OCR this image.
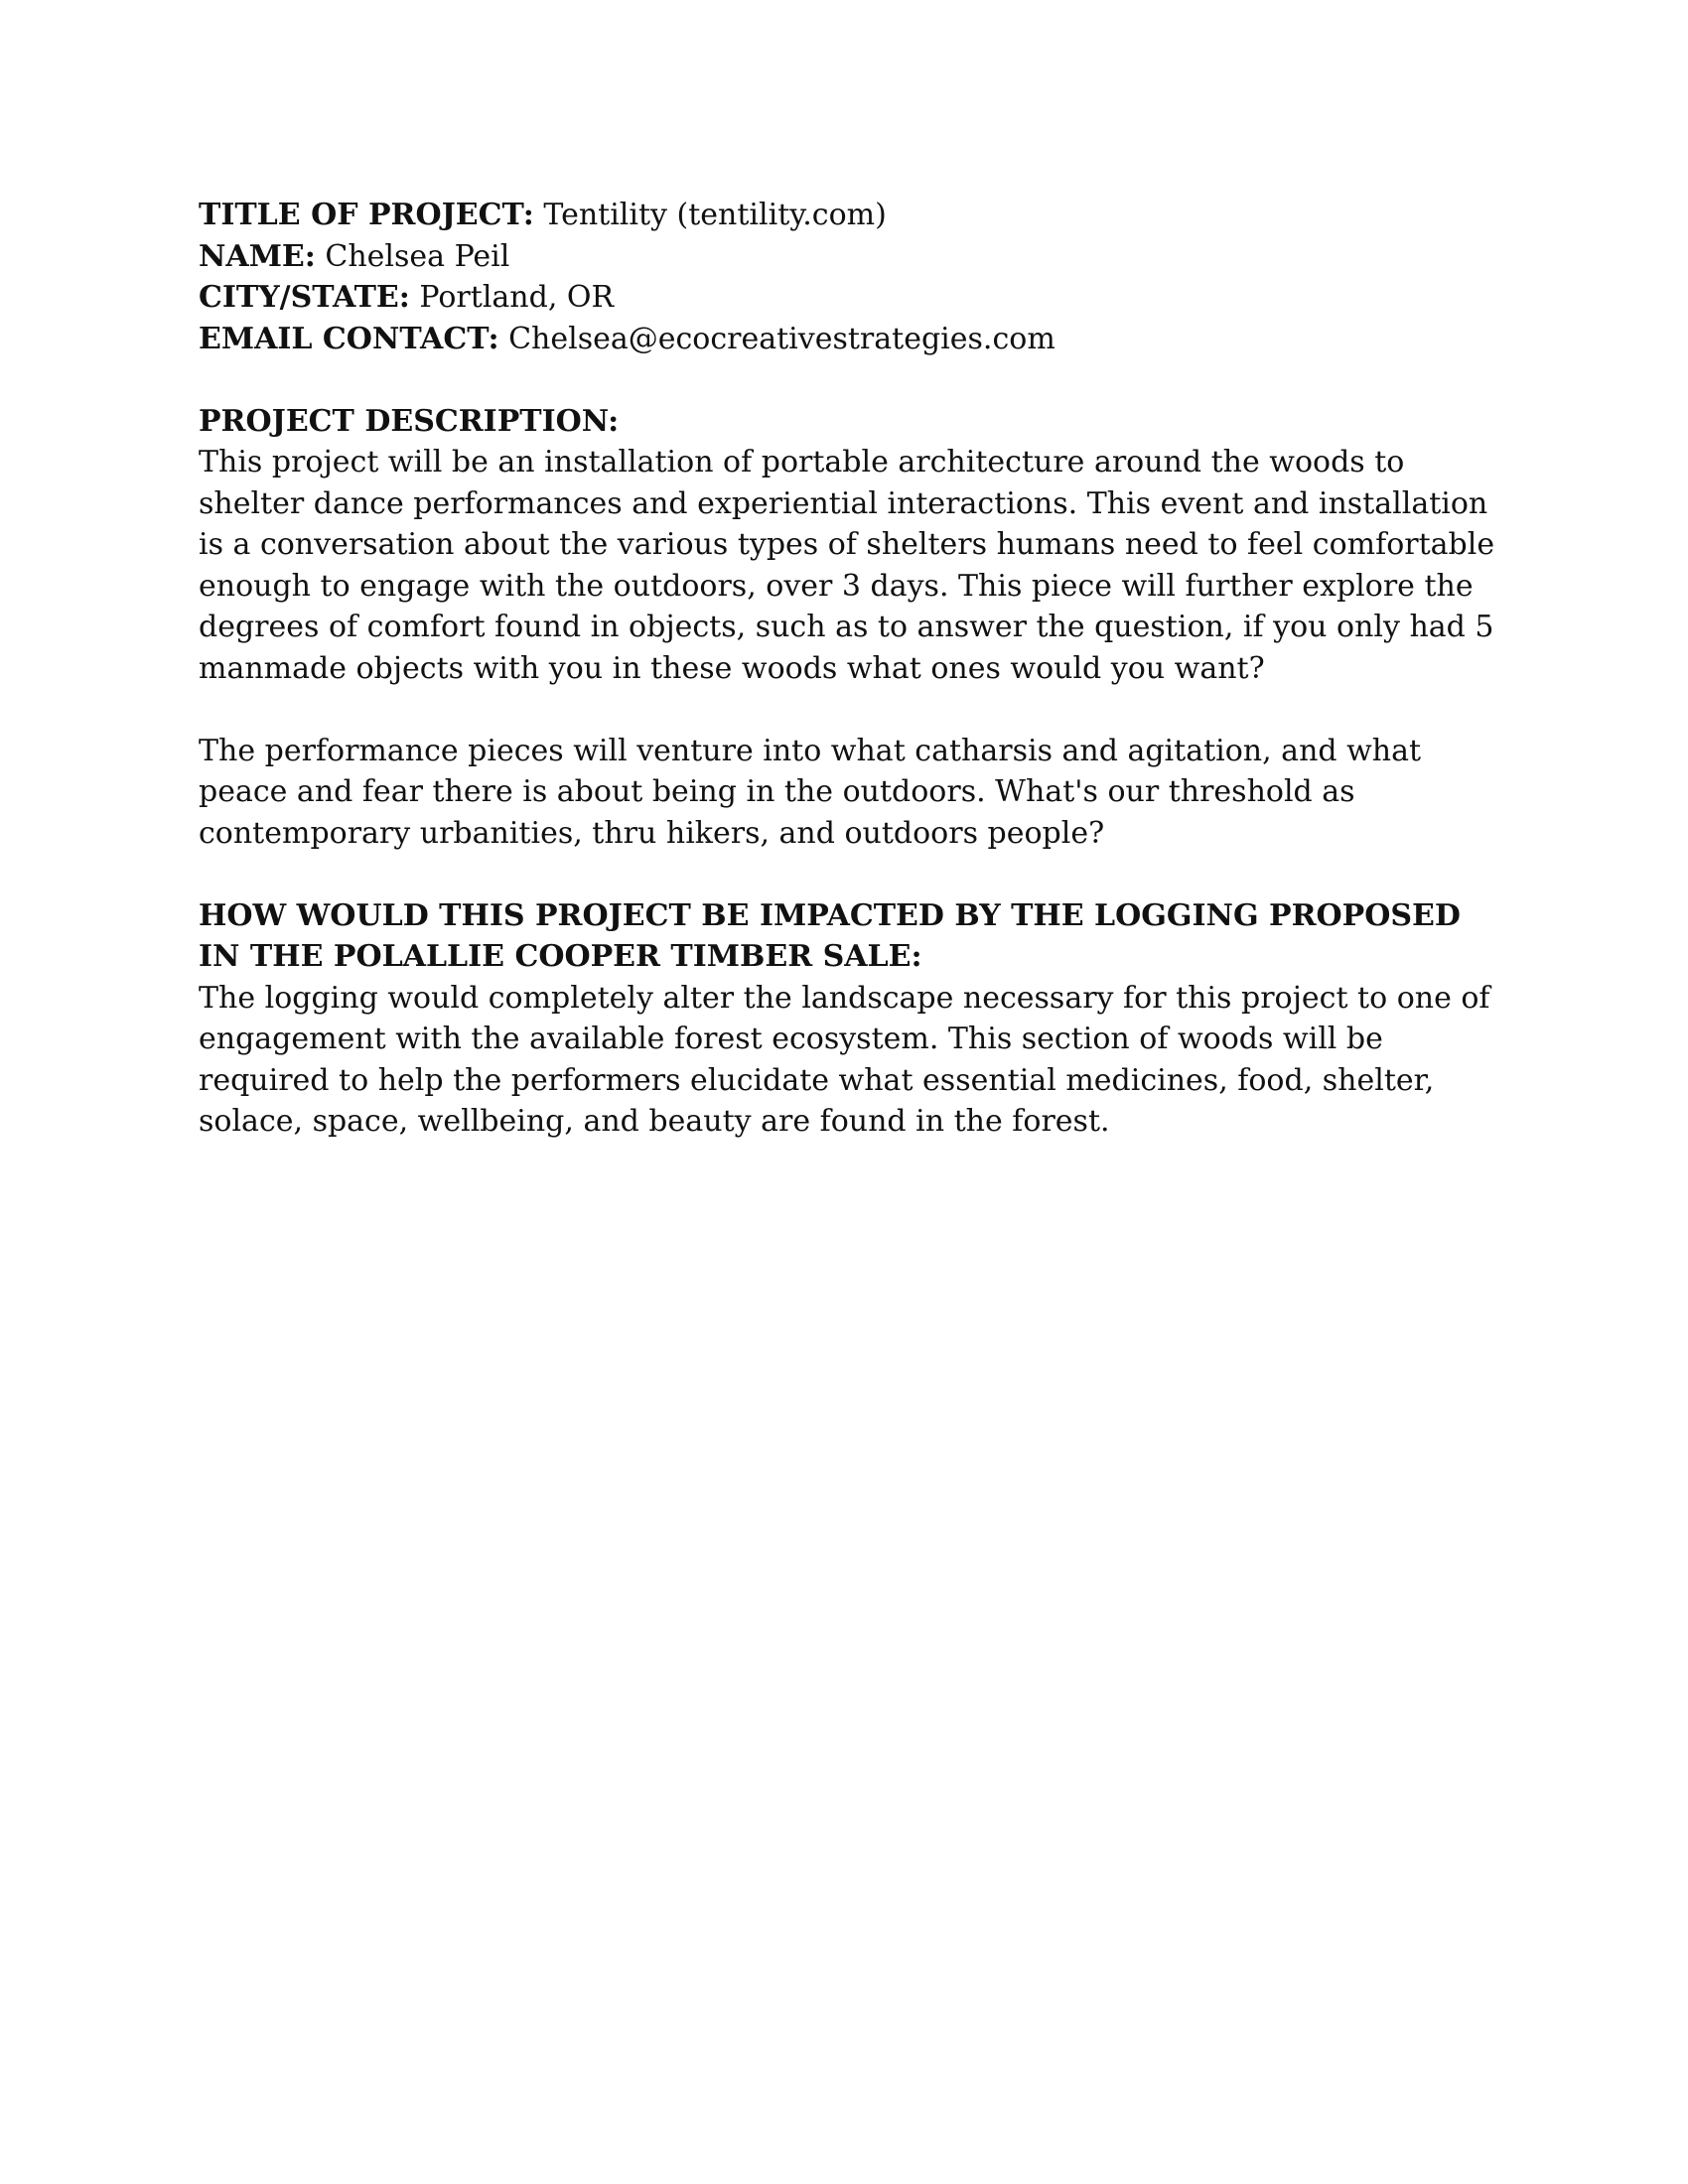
TITLE OF PROJECT: Tentility (tentility.com)

NAME: Chelsea Peil

CITY/STATE: Portland, OR

EMAIL CONTACT: Chelsea@ecocreativestrategies.com

PROJECT DESCRIPTION:

This project will be an installation of portable architecture around the woods to shelter dance performances and experiential interactions. This event and installation is a conversation about the various types of shelters humans need to feel comfortable enough to engage with the outdoors, over 3 days. This piece will further explore the degrees of comfort found in objects, such as to answer the question, if you only had 5 manmade objects with you in these woods what ones would you want?

The performance pieces will venture into what catharsis and agitation, and what peace and fear there is about being in the outdoors. What's our threshold as contemporary urbanities, thru hikers, and outdoors people?

HOW WOULD THIS PROJECT BE IMPACTED BY THE LOGGING PROPOSED IN THE POLALLIE COOPER TIMBER SALE:

The logging would completely alter the landscape necessary for this project to one of engagement with the available forest ecosystem. This section of woods will be required to help the performers elucidate what essential medicines, food, shelter, solace, space, wellbeing, and beauty are found in the forest.
